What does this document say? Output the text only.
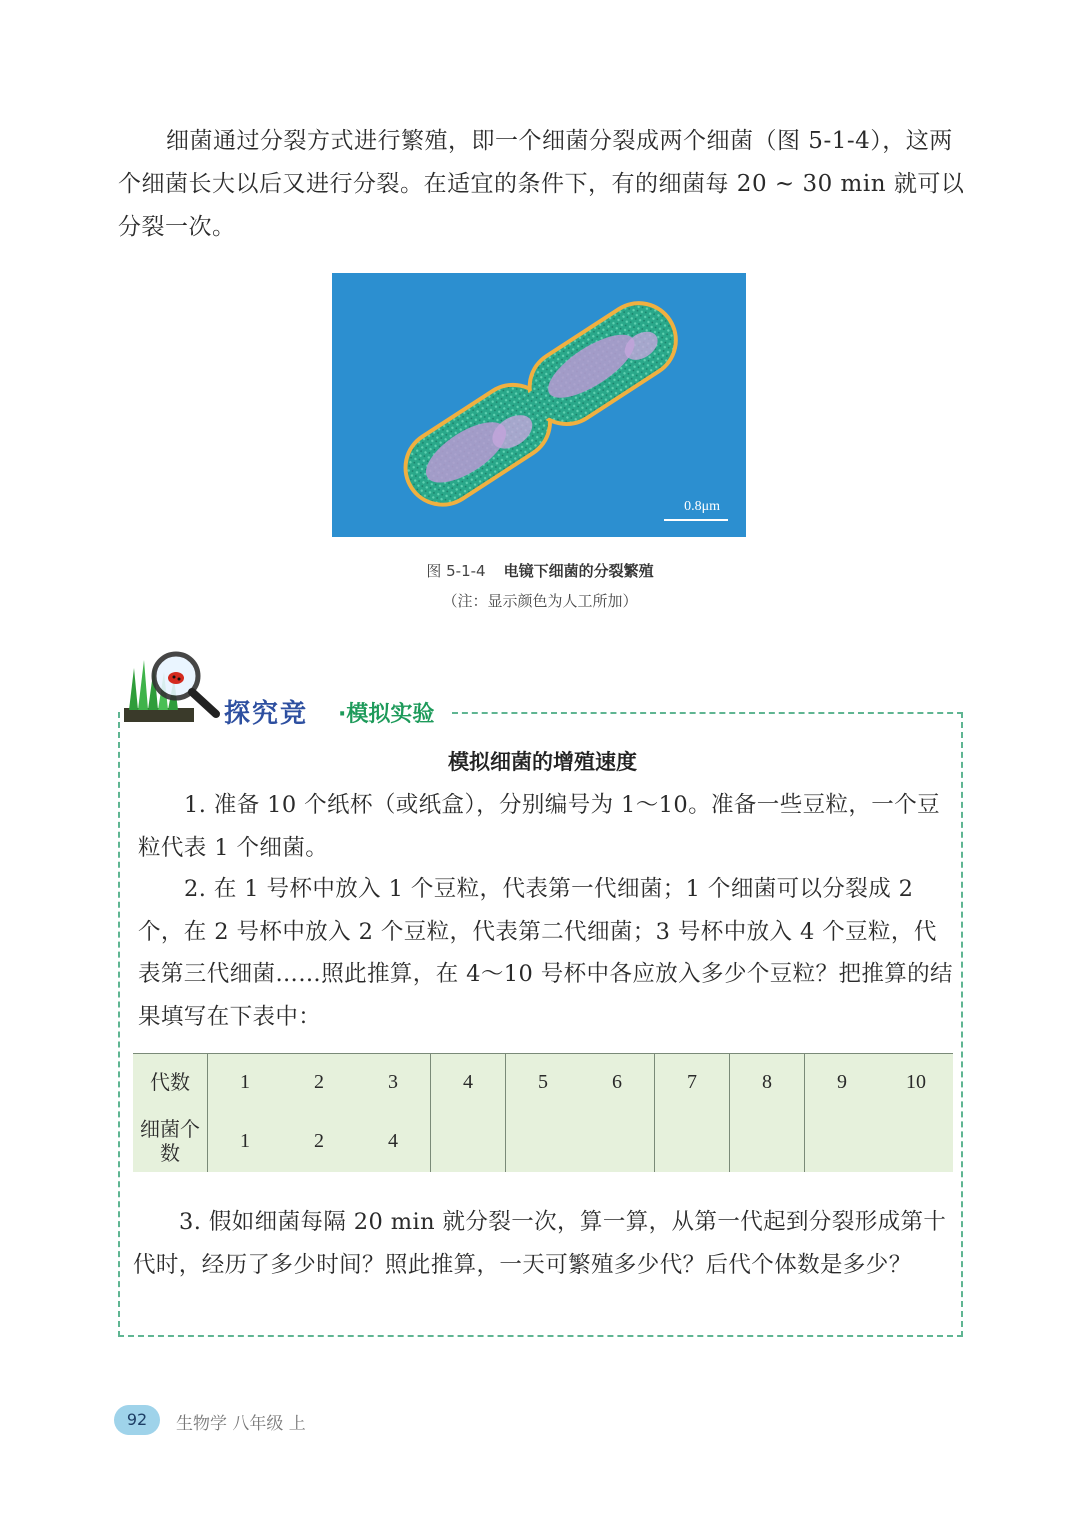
细菌通过分裂方式进行繁殖，即一个细菌分裂成两个细菌（图 5-1-4），这两个细菌长大以后又进行分裂。在适宜的条件下，有的细菌每 20 ~ 30 min 就可以分裂一次。

0.8μm
图 5-1-4 电镜下细菌的分裂繁殖
（注：显示颜色为人工所加）
探究竞 ·模拟实验
模拟细菌的增殖速度

1. 准备 10 个纸杯（或纸盒），分别编号为 1～10。准备一些豆粒，一个豆粒代表 1 个细菌。

2. 在 1 号杯中放入 1 个豆粒，代表第一代细菌；1 个细菌可以分裂成 2 个，在 2 号杯中放入 2 个豆粒，代表第二代细菌；3 号杯中放入 4 个豆粒，代表第三代细菌……照此推算，在 4～10 号杯中各应放入多少个豆粒？把推算的结果填写在下表中：

代数	1	2	3	4	5	6	7	8	9	10
细菌个数	1	2	4							

3. 假如细菌每隔 20 min 就分裂一次，算一算，从第一代起到分裂形成第十代时，经历了多少时间？照此推算，一天可繁殖多少代？后代个体数是多少？

92	生物学 八年级 上
